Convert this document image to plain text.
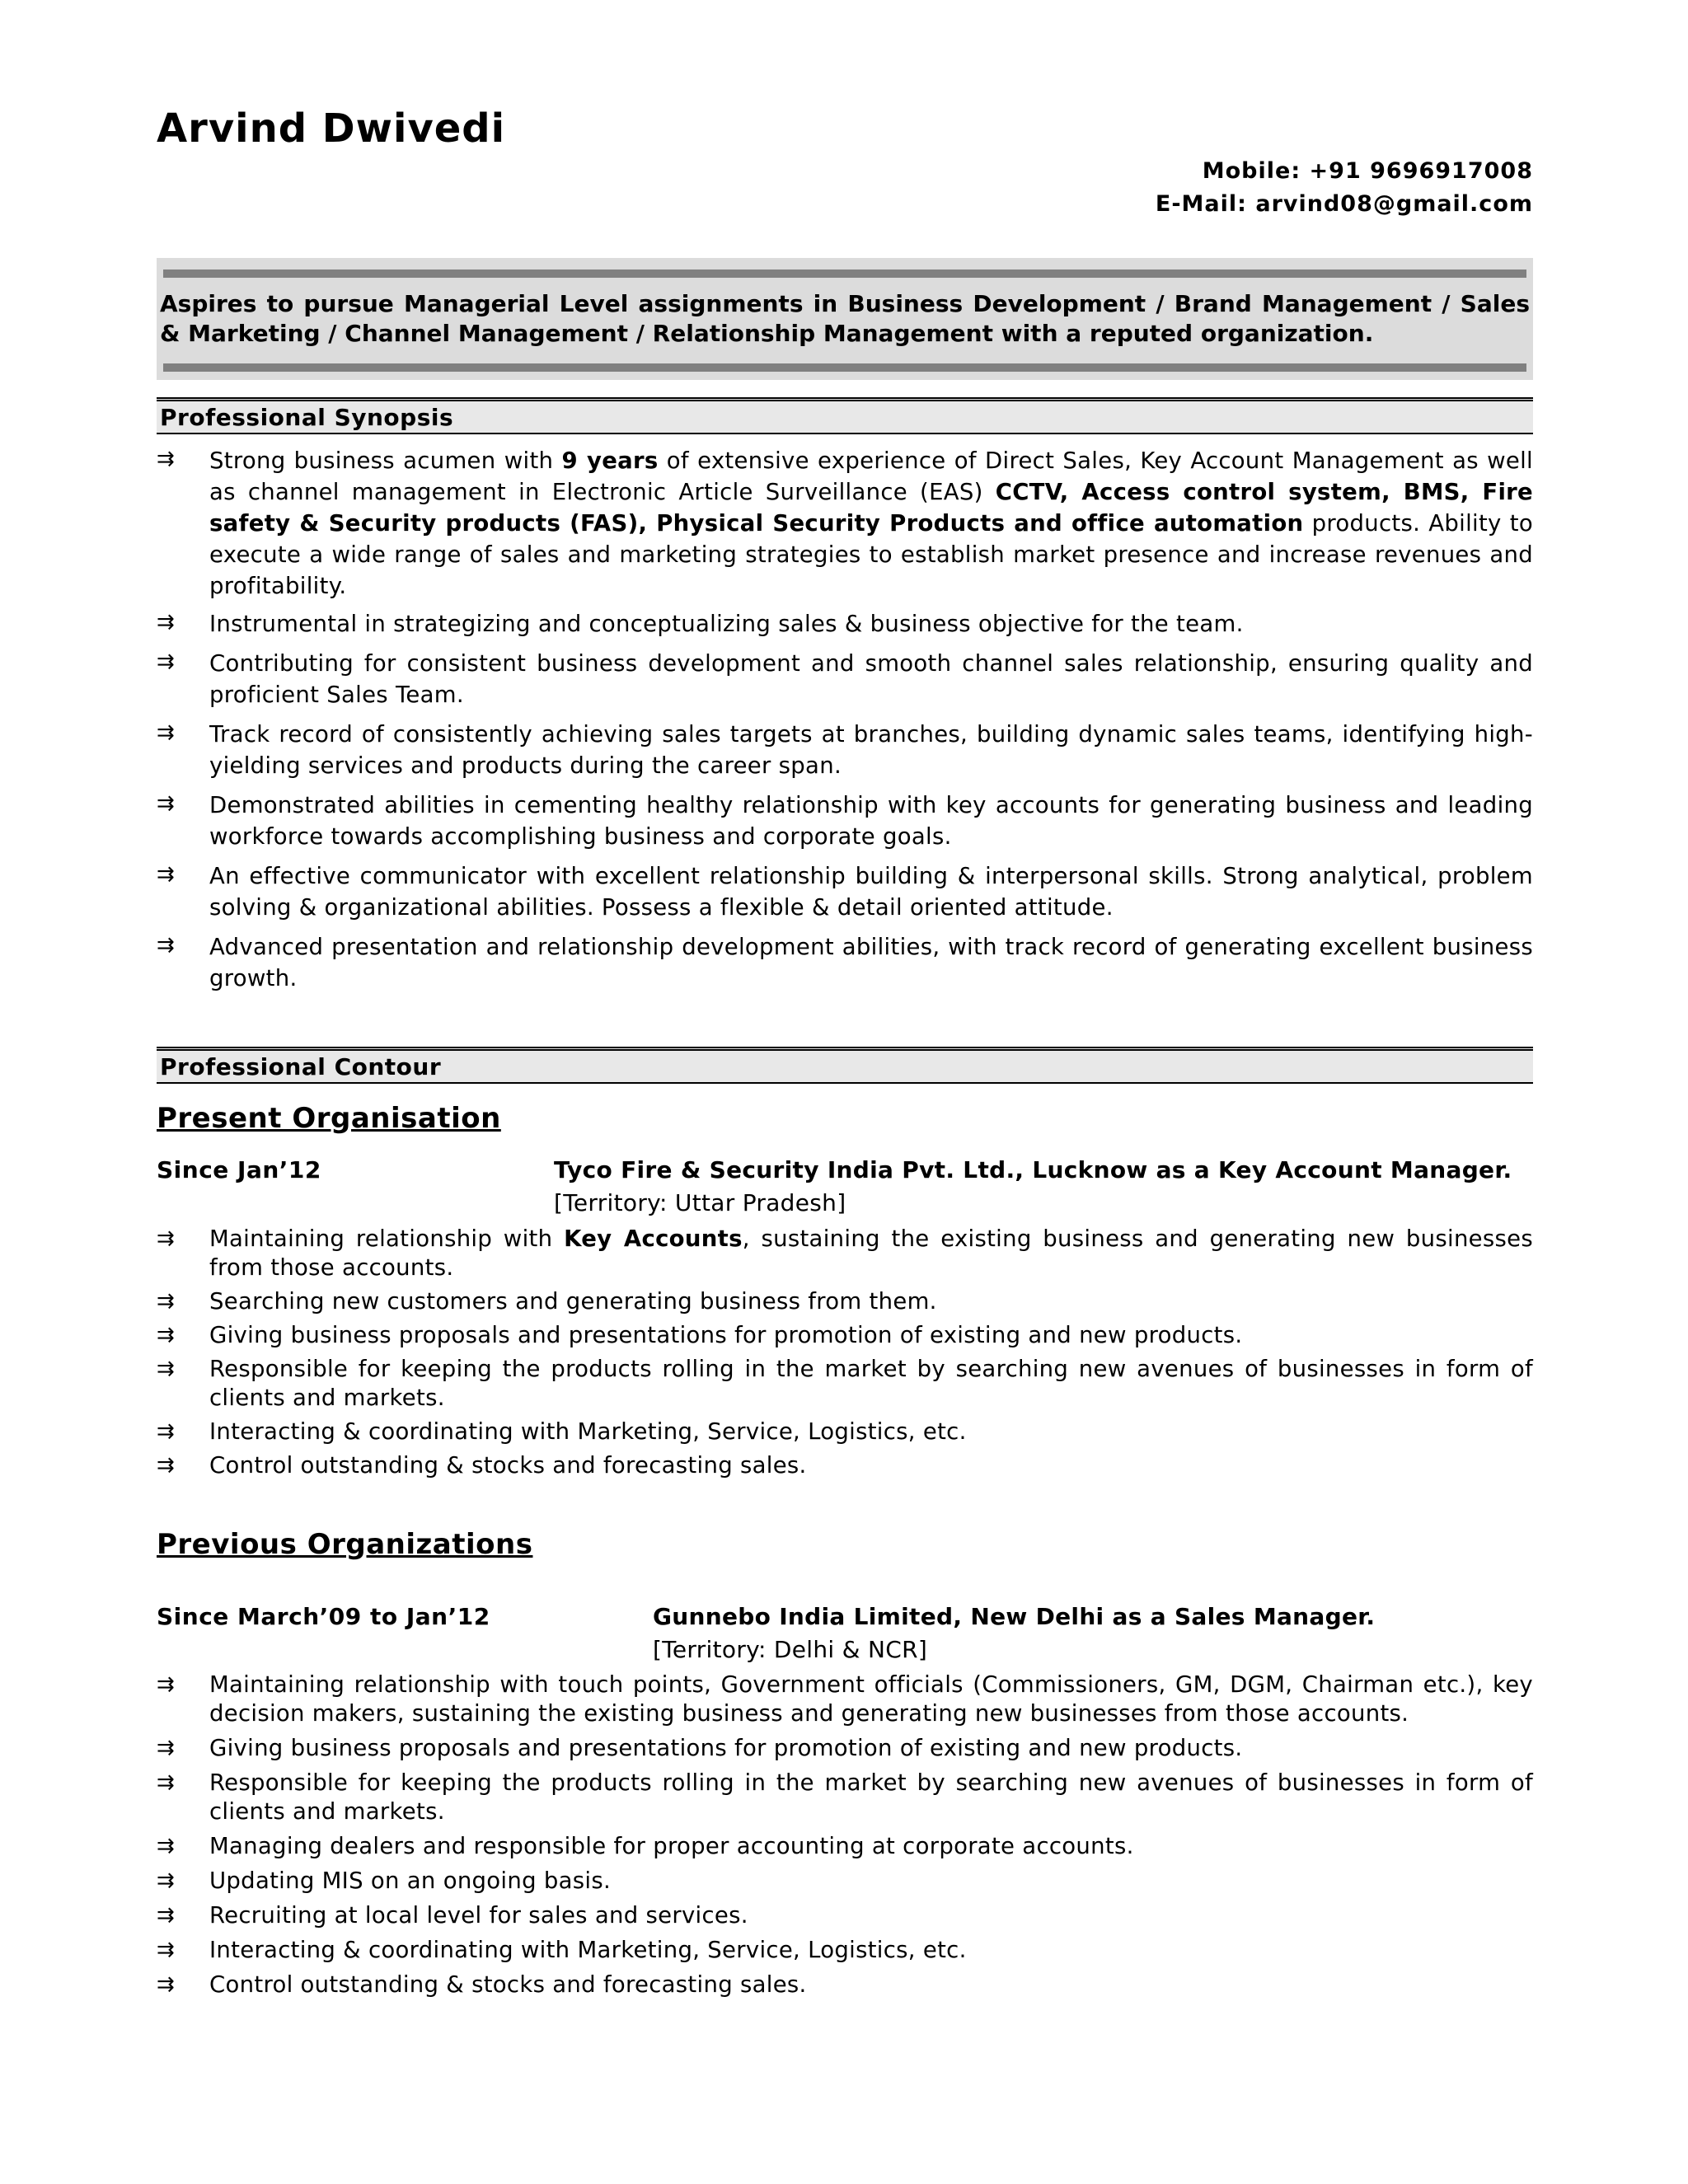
Arvind Dwivedi
Mobile: +91 9696917008
E-Mail: arvind08@gmail.com
Aspires to pursue Managerial Level assignments in Business Development / Brand Management / Sales & Marketing / Channel Management / Relationship Management with a reputed organization.
Professional Synopsis
⇉ Strong business acumen with 9 years of extensive experience of Direct Sales, Key Account Management as well as channel management in Electronic Article Surveillance (EAS) CCTV, Access control system, BMS, Fire safety & Security products (FAS), Physical Security Products and office automation products. Ability to execute a wide range of sales and marketing strategies to establish market presence and increase revenues and profitability.
⇉ Instrumental in strategizing and conceptualizing sales & business objective for the team.
⇉ Contributing for consistent business development and smooth channel sales relationship, ensuring quality and proficient Sales Team.
⇉ Track record of consistently achieving sales targets at branches, building dynamic sales teams, identifying high-yielding services and products during the career span.
⇉ Demonstrated abilities in cementing healthy relationship with key accounts for generating business and leading workforce towards accomplishing business and corporate goals.
⇉ An effective communicator with excellent relationship building & interpersonal skills. Strong analytical, problem solving & organizational abilities. Possess a flexible & detail oriented attitude.
⇉ Advanced presentation and relationship development abilities, with track record of generating excellent business growth.
Professional Contour
Present Organisation
Since Jan’12	Tyco Fire & Security India Pvt. Ltd., Lucknow as a Key Account Manager.
[Territory: Uttar Pradesh]
⇉ Maintaining relationship with Key Accounts, sustaining the existing business and generating new businesses from those accounts.
⇉ Searching new customers and generating business from them.
⇉ Giving business proposals and presentations for promotion of existing and new products.
⇉ Responsible for keeping the products rolling in the market by searching new avenues of businesses in form of clients and markets.
⇉ Interacting & coordinating with Marketing, Service, Logistics, etc.
⇉ Control outstanding & stocks and forecasting sales.
Previous Organizations
Since March’09 to Jan’12	Gunnebo India Limited, New Delhi as a Sales Manager.
[Territory: Delhi & NCR]
⇉ Maintaining relationship with touch points, Government officials (Commissioners, GM, DGM, Chairman etc.), key decision makers, sustaining the existing business and generating new businesses from those accounts.
⇉ Giving business proposals and presentations for promotion of existing and new products.
⇉ Responsible for keeping the products rolling in the market by searching new avenues of businesses in form of clients and markets.
⇉ Managing dealers and responsible for proper accounting at corporate accounts.
⇉ Updating MIS on an ongoing basis.
⇉ Recruiting at local level for sales and services.
⇉ Interacting & coordinating with Marketing, Service, Logistics, etc.
⇉ Control outstanding & stocks and forecasting sales.
